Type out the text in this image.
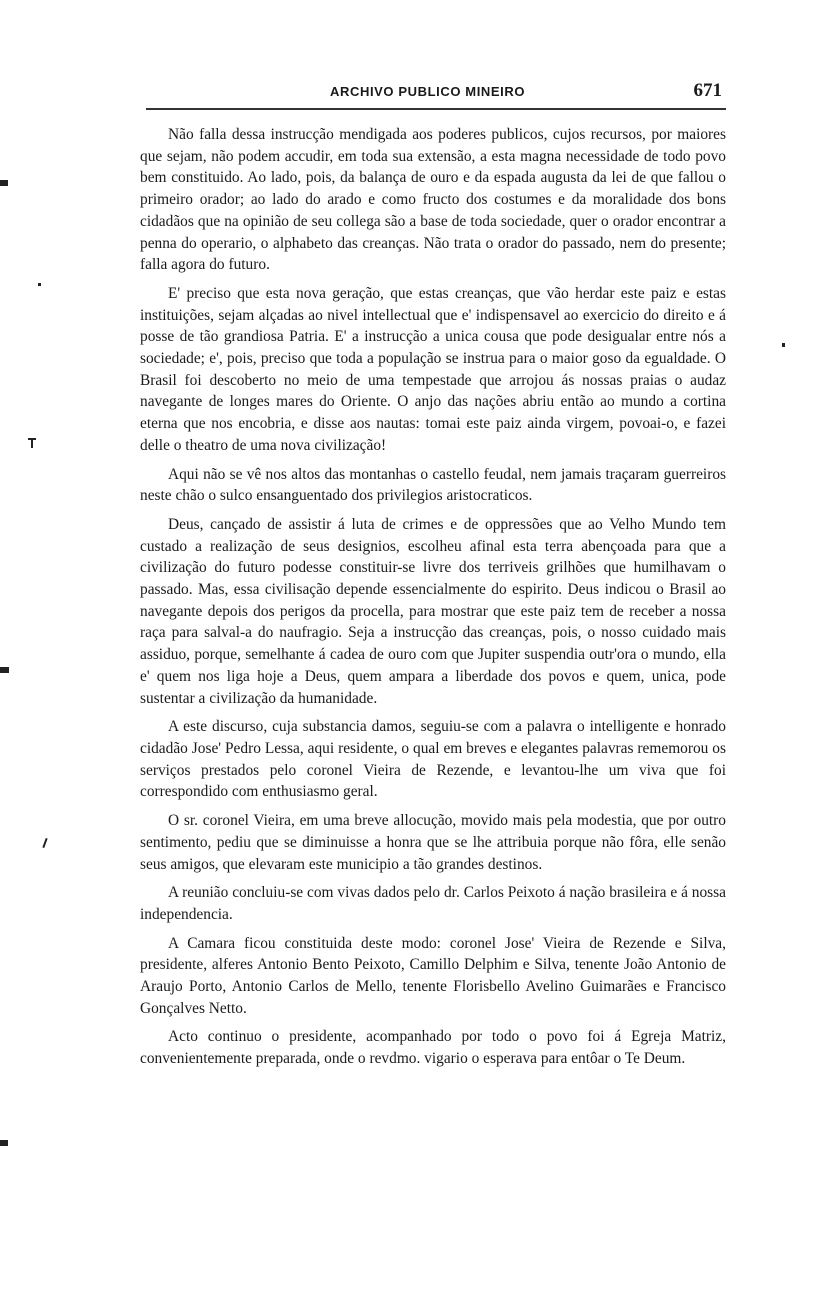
ARCHIVO PUBLICO MINEIRO	671

Não falla dessa instrucção mendigada aos poderes publicos, cujos recursos, por maiores que sejam, não podem accudir, em toda sua extensão, a esta magna necessidade de todo povo bem constituido. Ao lado, pois, da balança de ouro e da espada augusta da lei de que fallou o primeiro orador; ao lado do arado e como fructo dos costumes e da moralidade dos bons cidadãos que na opinião de seu collega são a base de toda sociedade, quer o orador encontrar a penna do operario, o alphabeto das creanças. Não trata o orador do passado, nem do presente; falla agora do futuro.

E' preciso que esta nova geração, que estas creanças, que vão herdar este paiz e estas instituições, sejam alçadas ao nivel intellectual que e' indispensavel ao exercicio do direito e á posse de tão grandiosa Patria. E' a instrucção a unica cousa que pode desigualar entre nós a sociedade; e', pois, preciso que toda a população se instrua para o maior goso da egualdade. O Brasil foi descoberto no meio de uma tempestade que arrojou ás nossas praias o audaz navegante de longes mares do Oriente. O anjo das nações abriu então ao mundo a cortina eterna que nos encobria, e disse aos nautas: tomai este paiz ainda virgem, povoai-o, e fazei delle o theatro de uma nova civilização!

Aqui não se vê nos altos das montanhas o castello feudal, nem jamais traçaram guerreiros neste chão o sulco ensanguentado dos privilegios aristocraticos.

Deus, cançado de assistir á luta de crimes e de oppressões que ao Velho Mundo tem custado a realização de seus designios, escolheu afinal esta terra abençoada para que a civilização do futuro podesse constituir-se livre dos terriveis grilhões que humilhavam o passado. Mas, essa civilisação depende essencialmente do espirito. Deus indicou o Brasil ao navegante depois dos perigos da procella, para mostrar que este paiz tem de receber a nossa raça para salval-a do naufragio. Seja a instrucção das creanças, pois, o nosso cuidado mais assiduo, porque, semelhante á cadea de ouro com que Jupiter suspendia outr'ora o mundo, ella e' quem nos liga hoje a Deus, quem ampara a liberdade dos povos e quem, unica, pode sustentar a civilização da humanidade.

A este discurso, cuja substancia damos, seguiu-se com a palavra o intelligente e honrado cidadão Jose' Pedro Lessa, aqui residente, o qual em breves e elegantes palavras rememorou os serviços prestados pelo coronel Vieira de Rezende, e levantou-lhe um viva que foi correspondido com enthusiasmo geral.

O sr. coronel Vieira, em uma breve allocução, movido mais pela modestia, que por outro sentimento, pediu que se diminuisse a honra que se lhe attribuia porque não fôra, elle senão seus amigos, que elevaram este municipio a tão grandes destinos.

A reunião concluiu-se com vivas dados pelo dr. Carlos Peixoto á nação brasileira e á nossa independencia.

A Camara ficou constituida deste modo: coronel Jose' Vieira de Rezende e Silva, presidente, alferes Antonio Bento Peixoto, Camillo Delphim e Silva, tenente João Antonio de Araujo Porto, Antonio Carlos de Mello, tenente Florisbello Avelino Guimarães e Francisco Gonçalves Netto.

Acto continuo o presidente, acompanhado por todo o povo foi á Egreja Matriz, convenientemente preparada, onde o revdmo. vigario o esperava para entôar o Te Deum.
